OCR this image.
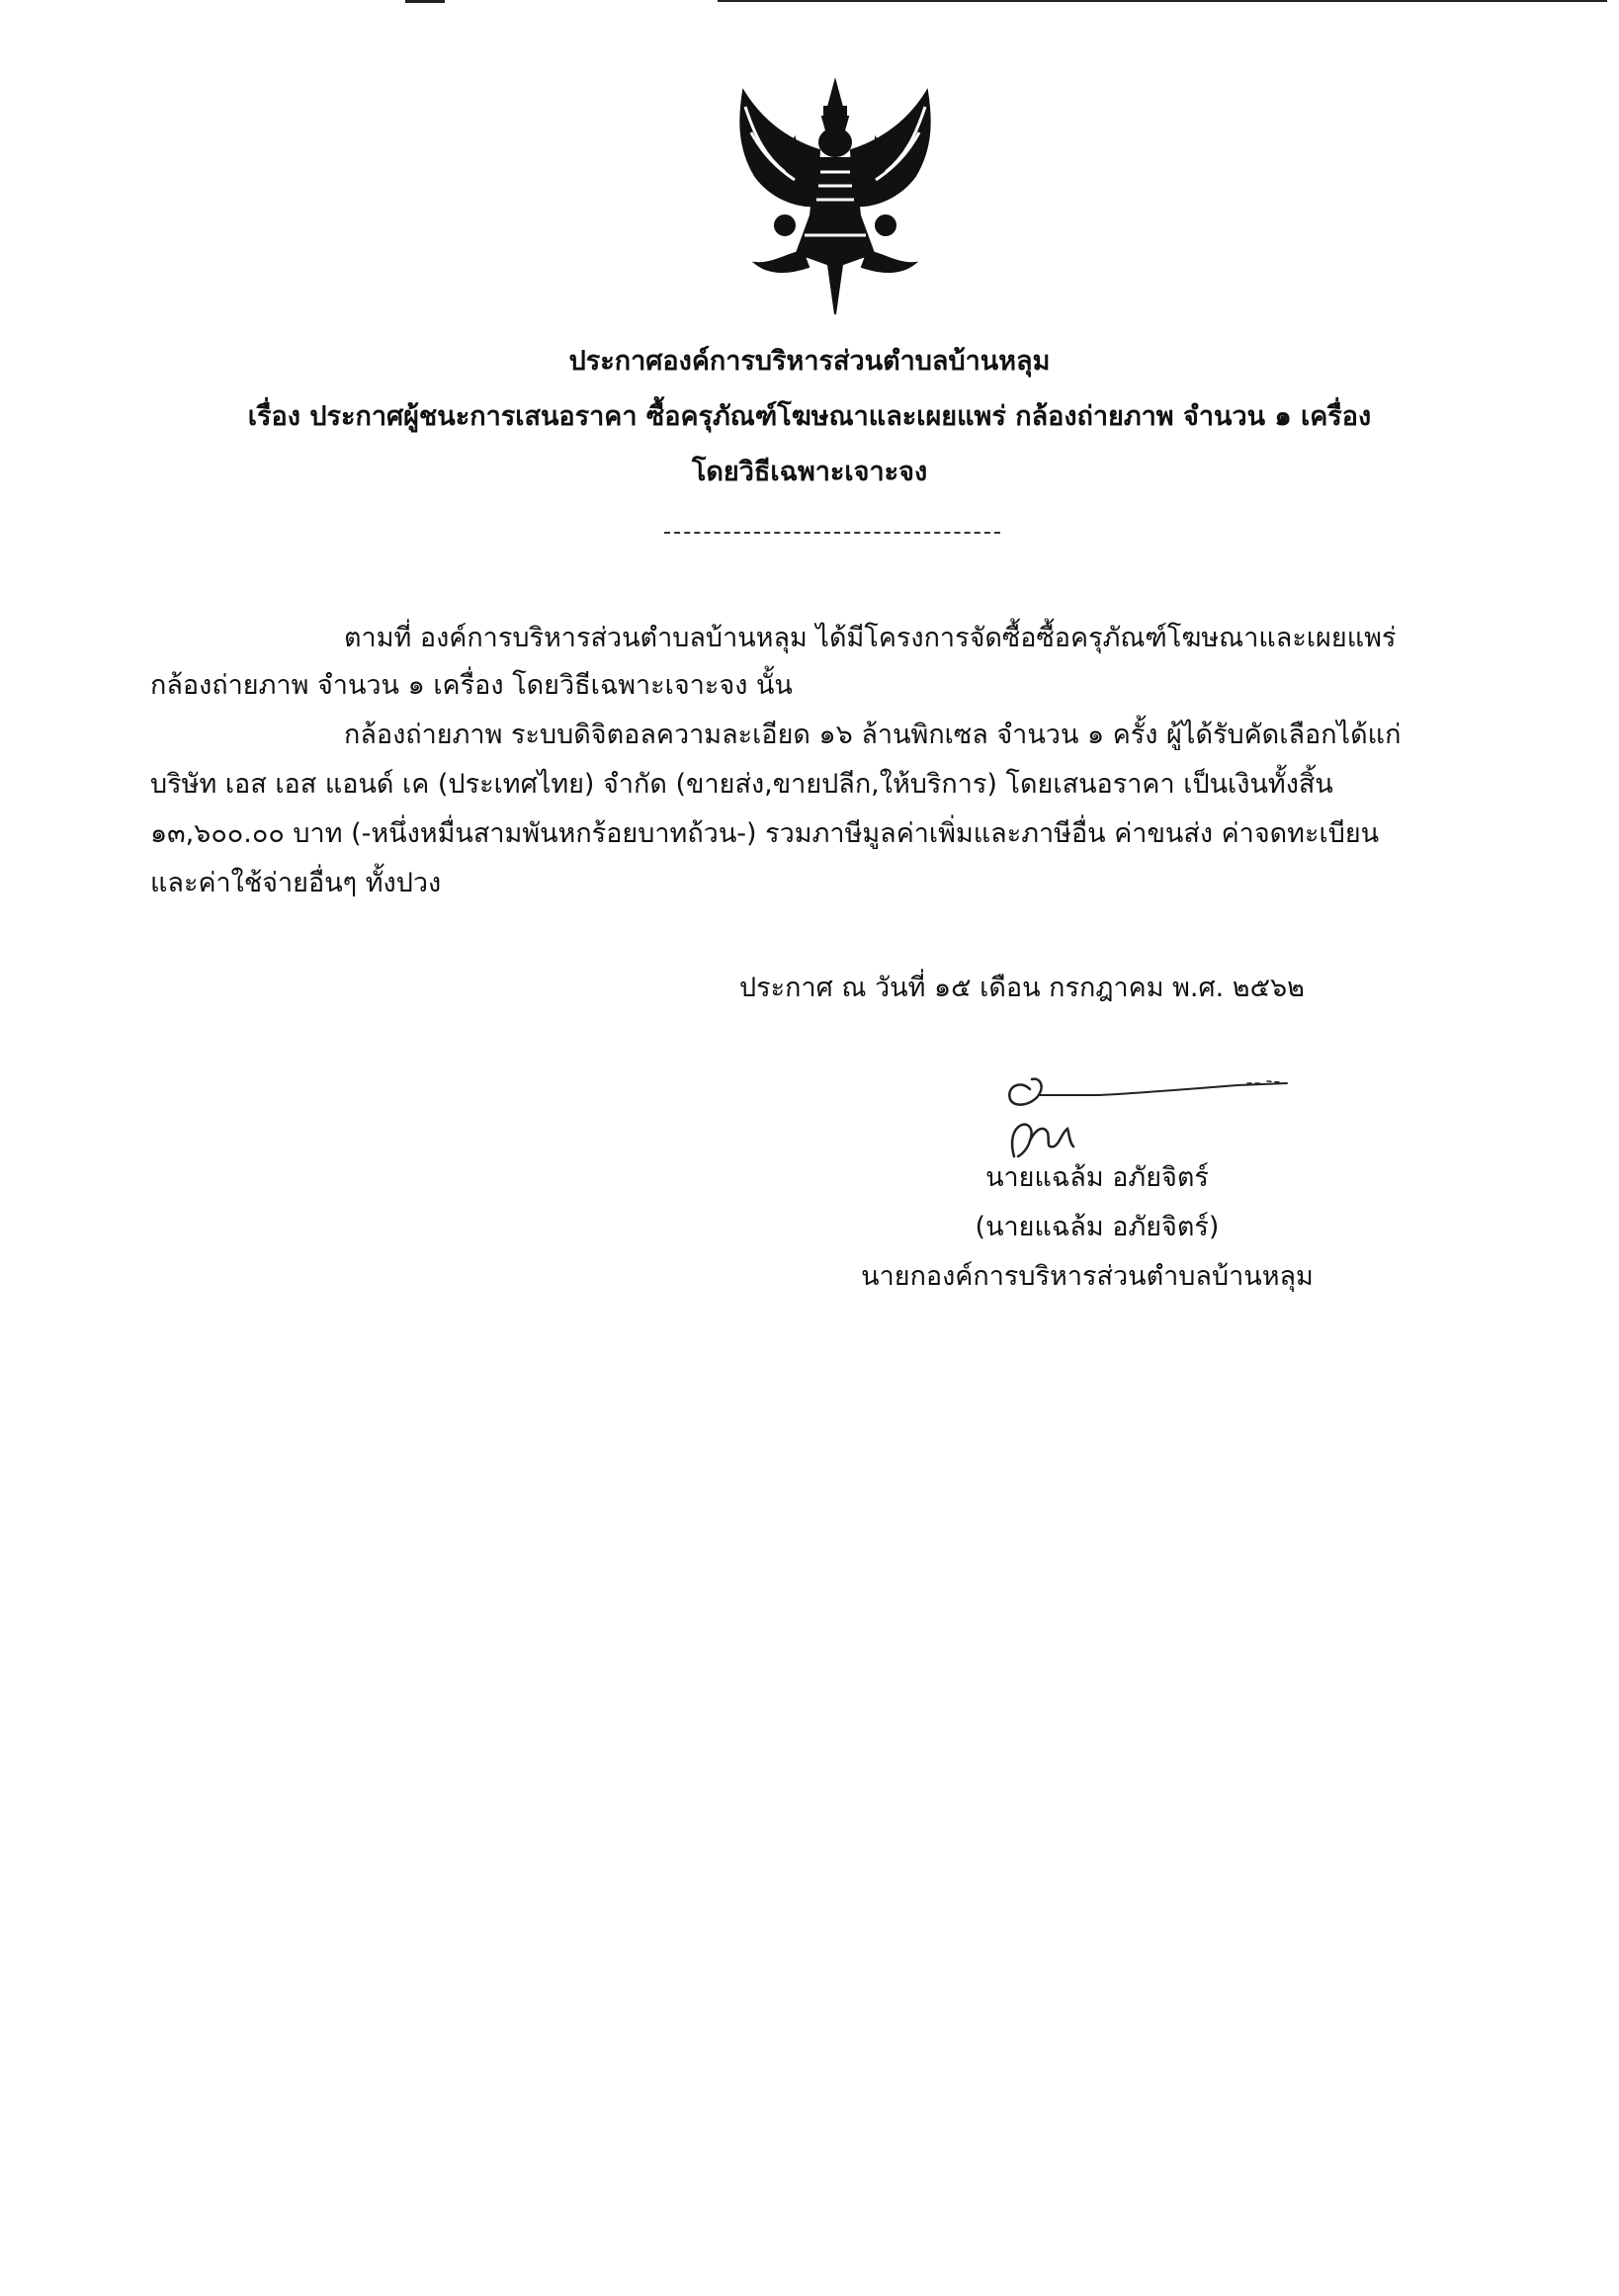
ประกาศองค์การบริหารส่วนตำบลบ้านหลุม
เรื่อง ประกาศผู้ชนะการเสนอราคา ซื้อครุภัณฑ์โฆษณาและเผยแพร่ กล้องถ่ายภาพ จำนวน ๑ เครื่อง
โดยวิธีเฉพาะเจาะจง
ตามที่ องค์การบริหารส่วนตำบลบ้านหลุม ได้มีโครงการจัดซื้อซื้อครุภัณฑ์โฆษณาและเผยแพร่
กล้องถ่ายภาพ จำนวน ๑ เครื่อง โดยวิธีเฉพาะเจาะจง นั้น
กล้องถ่ายภาพ ระบบดิจิตอลความละเอียด ๑๖ ล้านพิกเซล จำนวน ๑ ครั้ง ผู้ได้รับคัดเลือกได้แก่
บริษัท เอส เอส แอนด์ เค (ประเทศไทย) จำกัด (ขายส่ง,ขายปลีก,ให้บริการ) โดยเสนอราคา เป็นเงินทั้งสิ้น
๑๓,๖๐๐.๐๐ บาท (-หนึ่งหมื่นสามพันหกร้อยบาทถ้วน-) รวมภาษีมูลค่าเพิ่มและภาษีอื่น ค่าขนส่ง ค่าจดทะเบียน
และค่าใช้จ่ายอื่นๆ ทั้งปวง
ประกาศ ณ วันที่ ๑๕ เดือน กรกฎาคม พ.ศ. ๒๕๖๒
นายแฉล้ม อภัยจิตร์
(นายแฉล้ม อภัยจิตร์)
นายกองค์การบริหารส่วนตำบลบ้านหลุม
